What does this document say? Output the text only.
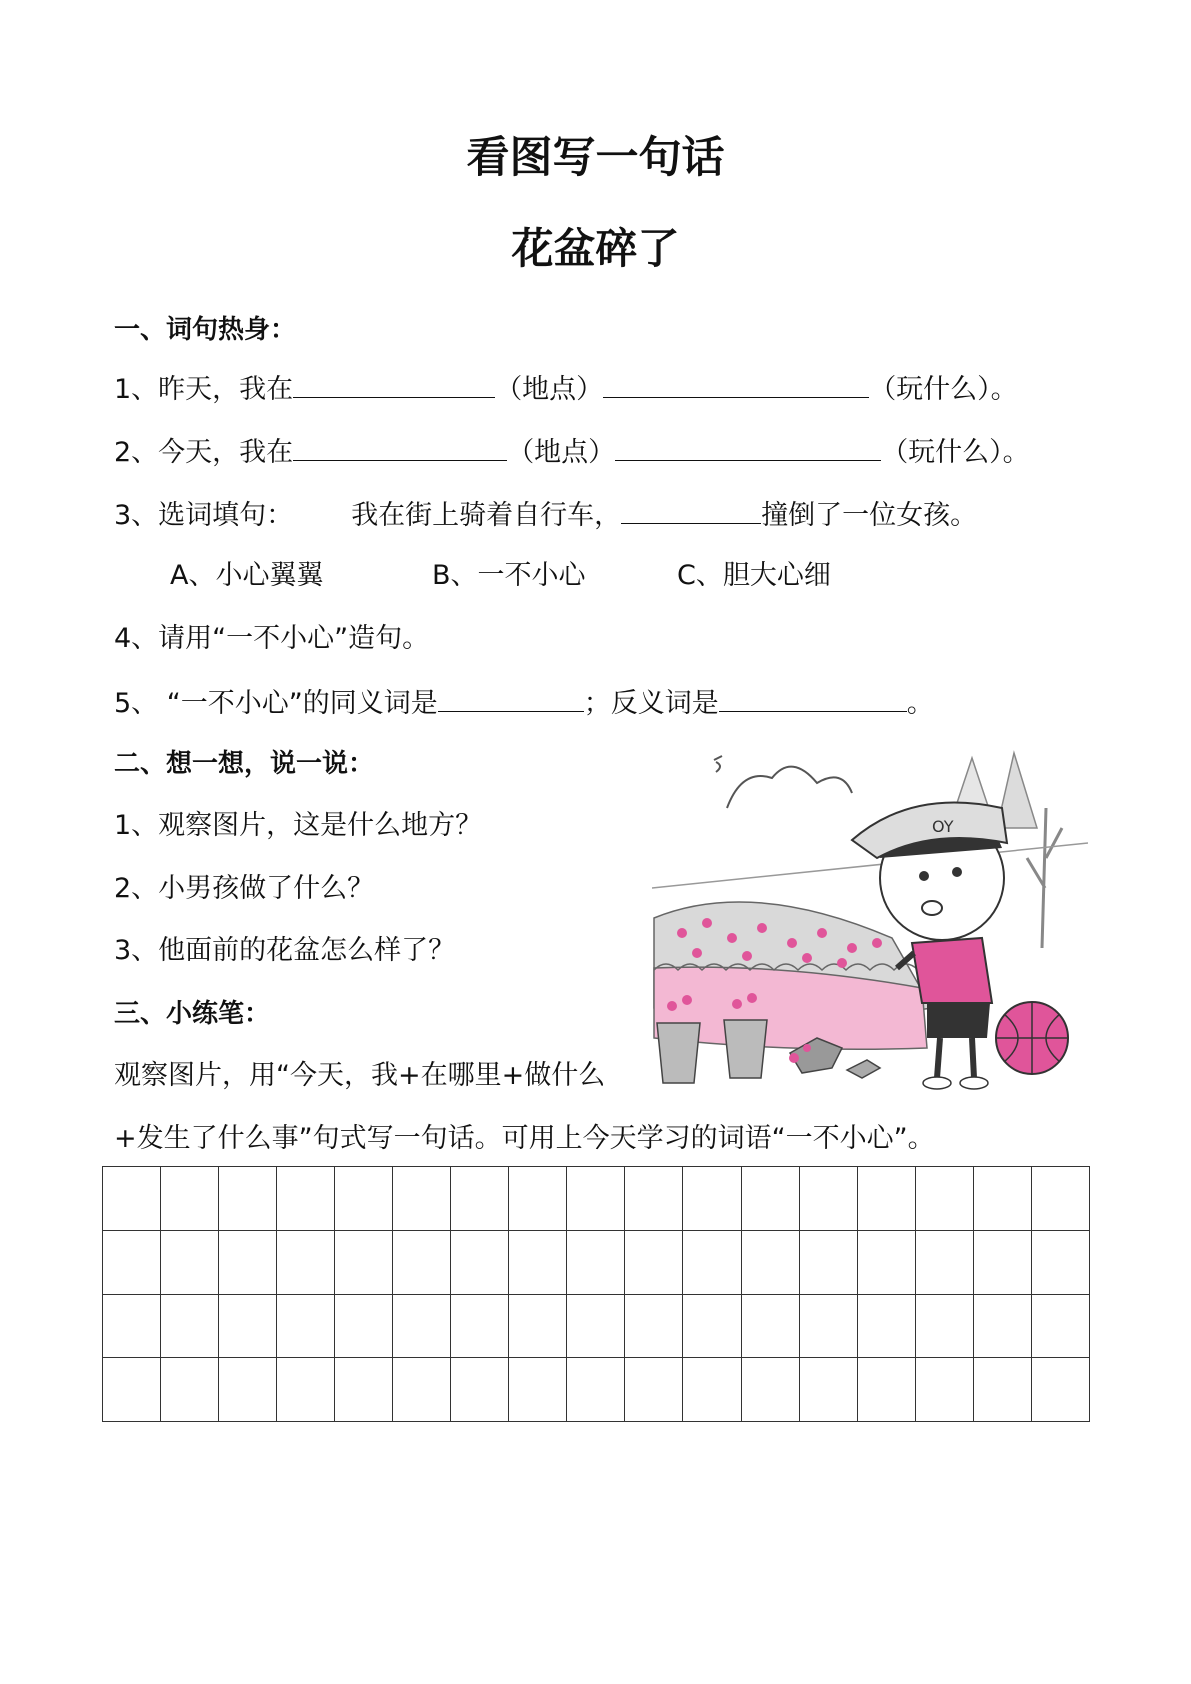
看图写一句话
花盆碎了
一、词句热身：
1、昨天，我在	（地点）	（玩什么）。
2、今天，我在	（地点）	（玩什么）。
3、选词填句： 我在街上骑着自行车，	撞倒了一位女孩。
A、小心翼翼	B、一不小心	C、胆大心细
4、请用“一不小心”造句。
5、 “一不小心”的同义词是	；反义词是	。
二、想一想，说一说：
1、观察图片，这是什么地方？
2、小男孩做了什么？
3、他面前的花盆怎么样了？
三、小练笔：
观察图片，用“今天，我+在哪里+做什么
+发生了什么事”句式写一句话。可用上今天学习的词语“一不小心”。
OY
